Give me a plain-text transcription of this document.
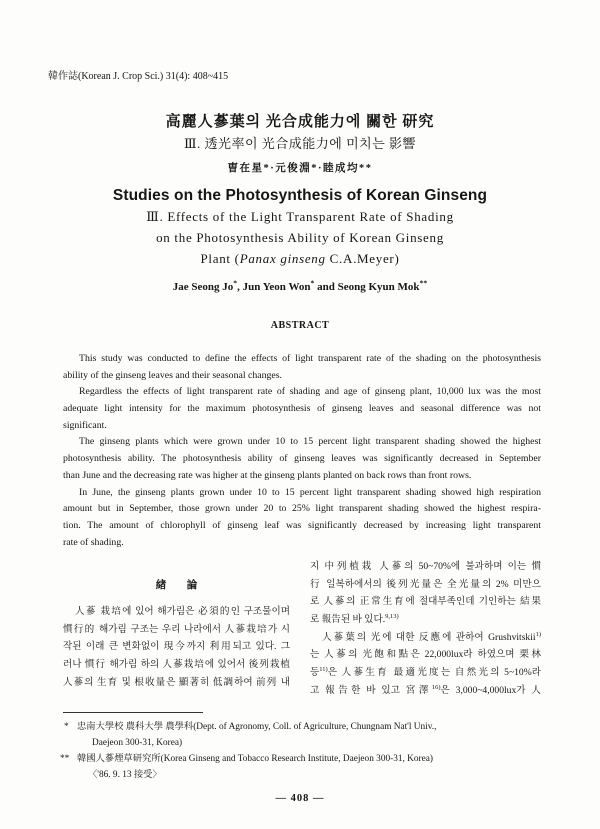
韓作誌(Korean J. Crop Sci.) 31(4): 408~415
高麗人蔘葉의 光合成能力에 關한 研究
Ⅲ. 透光率이 光合成能力에 미치는 影響
曺在星*·元俊淵*·睦成均**
Studies on the Photosynthesis of Korean Ginseng
Ⅲ. Effects of the Light Transparent Rate of Shading
on the Photosynthesis Ability of Korean Ginseng
Plant (Panax ginseng C.A.Meyer)
Jae Seong Jo*, Jun Yeon Won* and Seong Kyun Mok**
ABSTRACT
This study was conducted to define the effects of light transparent rate of the shading on the photosynthesis
ability of the ginseng leaves and their seasonal changes.
Regardless the effects of light transparent rate of shading and age of ginseng plant, 10,000 lux was the most
adequate light intensity for the maximum photosynthesis of ginseng leaves and seasonal difference was not
significant.
The ginseng plants which were grown under 10 to 15 percent light transparent shading showed the highest
photosynthesis ability. The photosynthesis ability of ginseng leaves was significantly decreased in September
than June and the decreasing rate was higher at the ginseng plants planted on back rows than front rows.
In June, the ginseng plants grown under 10 to 15 percent light transparent shading showed high respiration
amount but in September, those grown under 20 to 25% light transparent shading showed the highest respira-
tion. The amount of chlorophyll of ginseng leaf was significantly decreased by increasing light transparent
rate of shading.
緖 論
人蔘 栽培에 있어 해가림은 必須的인 구조물이며
慣行的 해가림 구조는 우리 나라에서 人蔘栽培가 시
작된 이래 큰 변화없이 現今까지 利用되고 있다. 그
러나 慣行 해가림 하의 人蔘栽培에 있어서 後列栽植
人蔘의 生育 및 根收量은 顯著히 低調하여 前列 내
지 中列植栽 人蔘의 50~70%에 불과하며 이는 慣
行 일복하에서의 後列光量은 全光量의 2% 미만으
로 人蔘의 正常生育에 절대부족인데 기인하는 結果
로 報告된 바 있다.$^{9,13)}$
人蔘葉의 光에 대한 反應에 관하여 Grushvitskii$^{1)}$
는 人蔘의 光飽和點은 22,000lux라 하였으며 栗林
등$^{11)}$은 人蔘生育 最適光度는 自然光의 5~10%라
고 報告한 바 있고 宮澤$^{16)}$은 3,000~4,000lux가 人
* 忠南大學校 農科大學 農學科(Dept. of Agronomy, Coll. of Agriculture, Chungnam Nat'l Univ.,
Daejeon 300-31, Korea)
** 韓國人蔘煙草研究所(Korea Ginseng and Tobacco Research Institute, Daejeon 300-31, Korea)
〈'86. 9. 13 接受〉
— 408 —
